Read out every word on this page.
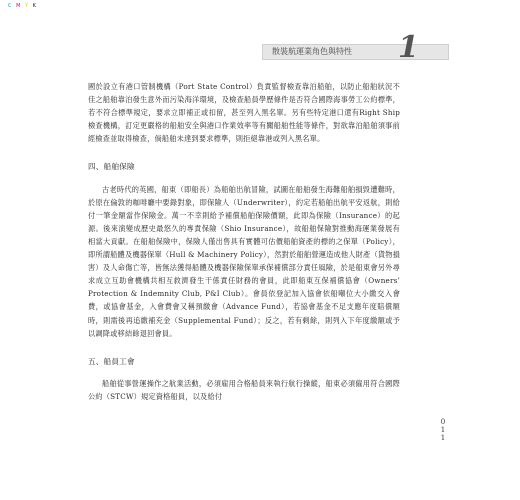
C M Y K
散裝航運業角色與特性 1

國於設立有港口管制機構（Port State Control）負責監督檢查靠泊船舶，以防止船舶狀況不佳之船舶靠泊發生意外而污染海洋環境，及檢查船員學歷條件是否符合國際海事勞工公約標準，若不符合標準規定，要求立即補正或扣留，甚至列入黑名單。另有些特定港口還有Right Ship檢查機構，訂定更嚴格的船舶安全與港口作業效率等有關船舶性能等條件，對欲靠泊船舶須事前經檢查並取得檢查，倘船舶未達到要求標準，則拒絕靠港或列入黑名單。

四、船舶保險

古老時代的英國，船東（即船長）為船舶出航冒險，試圖在船舶發生海難船舶損毀遭難時，於原在倫敦的咖啡廳中要錄對象，即保險人（Underwriter），約定若船舶出航平安返航，則給付一筆金額當作保險金。萬一不幸則給予補償船舶保險價額，此即為保險（Insurance）的起源。後來演變成歷史最悠久的專責保險（Shio Insurance），故船舶保險對推動海運業發展有相當大貢獻。在船舶保險中，保險人僅出售具有實體可估價船舶資產的標的之保單（Policy），即所謂船體及機器保單（Hull & Machinery Policy），然對於船舶營運造成他人財產（貨物損害）及人命傷亡等，皆無法獲得船體及機器保險保單承保補償部分責任風險，於是船東會另外尋求成立互助會機構共相互救濟發生干係責任財務的會員，此即船東互保補償協會（Owners’ Protection & Indemnity Club, P&I Club）。會員依登記加入協會依船噸位大小繳交入會費，或協會基金，入會費會又稱預繳會（Advance Fund），若協會基金不足支應年度賠償額時，則需後再追繳補充金（Supplemental Fund）；反之，若有剩餘，則列入下年度繳額或予以調降或移結餘退回會員。

五、船員工會

船舶從事營運操作之航業活動，必須雇用合格船員來執行航行操縱，船東必須僱用符合國際公約（STCW）規定資格船員，以及給付

0
1
1
